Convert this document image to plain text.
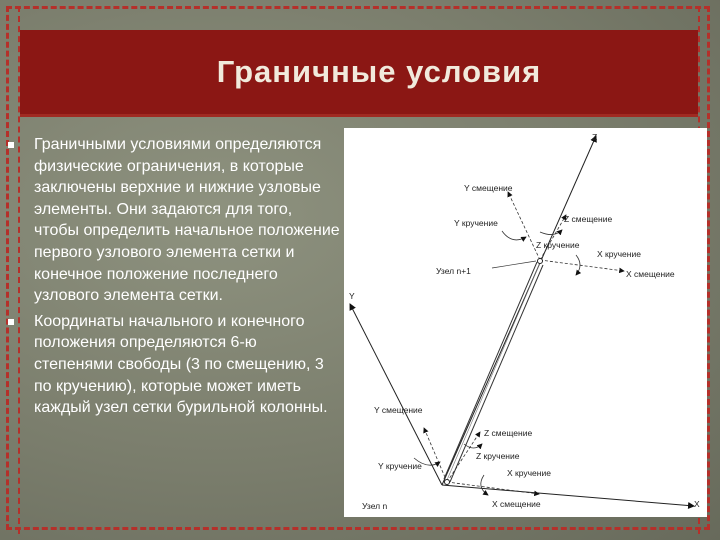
Граничные условия
Граничными условиями определяются физические ограничения, в которые заключены верхние и нижние узловые элементы. Они задаются для того, чтобы определить начальное положение первого узлового элемента сетки и конечное положение последнего узлового элемента сетки.
Координаты начального и конечного положения определяются 6-ю степенями свободы (3 по смещению, 3 по кручению), которые может иметь каждый узел сетки бурильной колонны.
Z
Y
X
Y смещение
Y кручение	Z смещение
Z кручение
X кручение
X смещение
Узел n+1
Y смещение
Z смещение
Z кручение
Y кручение
X кручение
X смещение
Узел n
